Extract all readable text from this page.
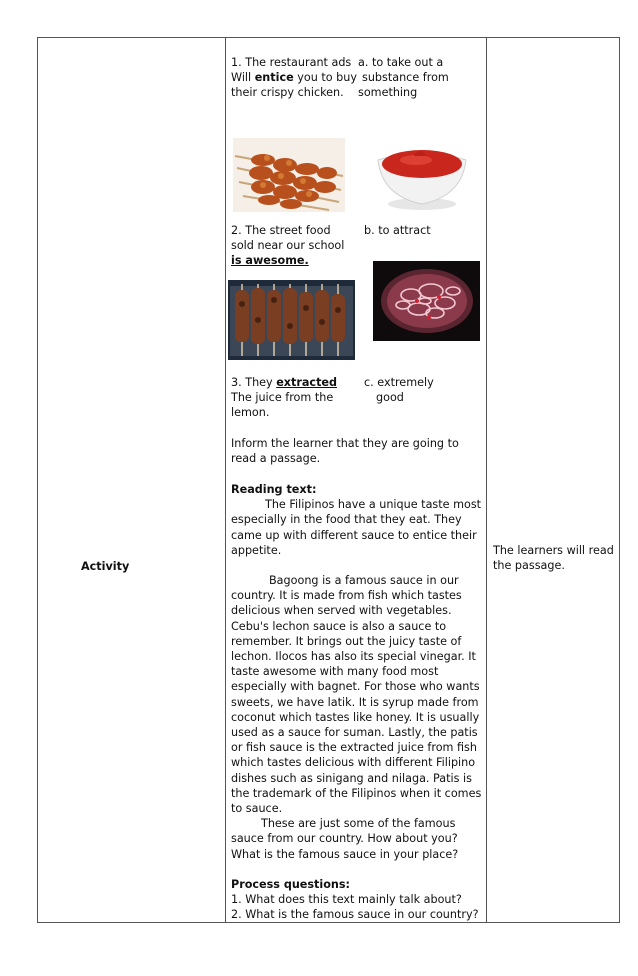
Activity
The learners will read the passage.
1. The restaurant ads
Will entice you to buy
their crispy chicken.
a. to take out a
substance from
something
2. The street food
sold near our school
is awesome.
b. to attract
3. They extracted
The juice from the
lemon.
c. extremely
good
Inform the learner that they are going to read a passage.

Reading text:

The Filipinos have a unique taste most especially in the food that they eat. They came up with different sauce to entice their appetite.

Bagoong is a famous sauce in our country. It is made from fish which tastes delicious when served with vegetables. Cebu's lechon sauce is also a sauce to remember. It brings out the juicy taste of lechon. Ilocos has also its special vinegar. It taste awesome with many food most especially with bagnet. For those who wants sweets, we have latik. It is syrup made from coconut which tastes like honey. It is usually used as a sauce for suman. Lastly, the patis or fish sauce is the extracted juice from fish which tastes delicious with different Filipino dishes such as sinigang and nilaga. Patis is the trademark of the Filipinos when it comes to sauce.

These are just some of the famous sauce from our country. How about you? What is the famous sauce in your place?

Process questions:

1. What does this text mainly talk about?

2. What is the famous sauce in our country?
